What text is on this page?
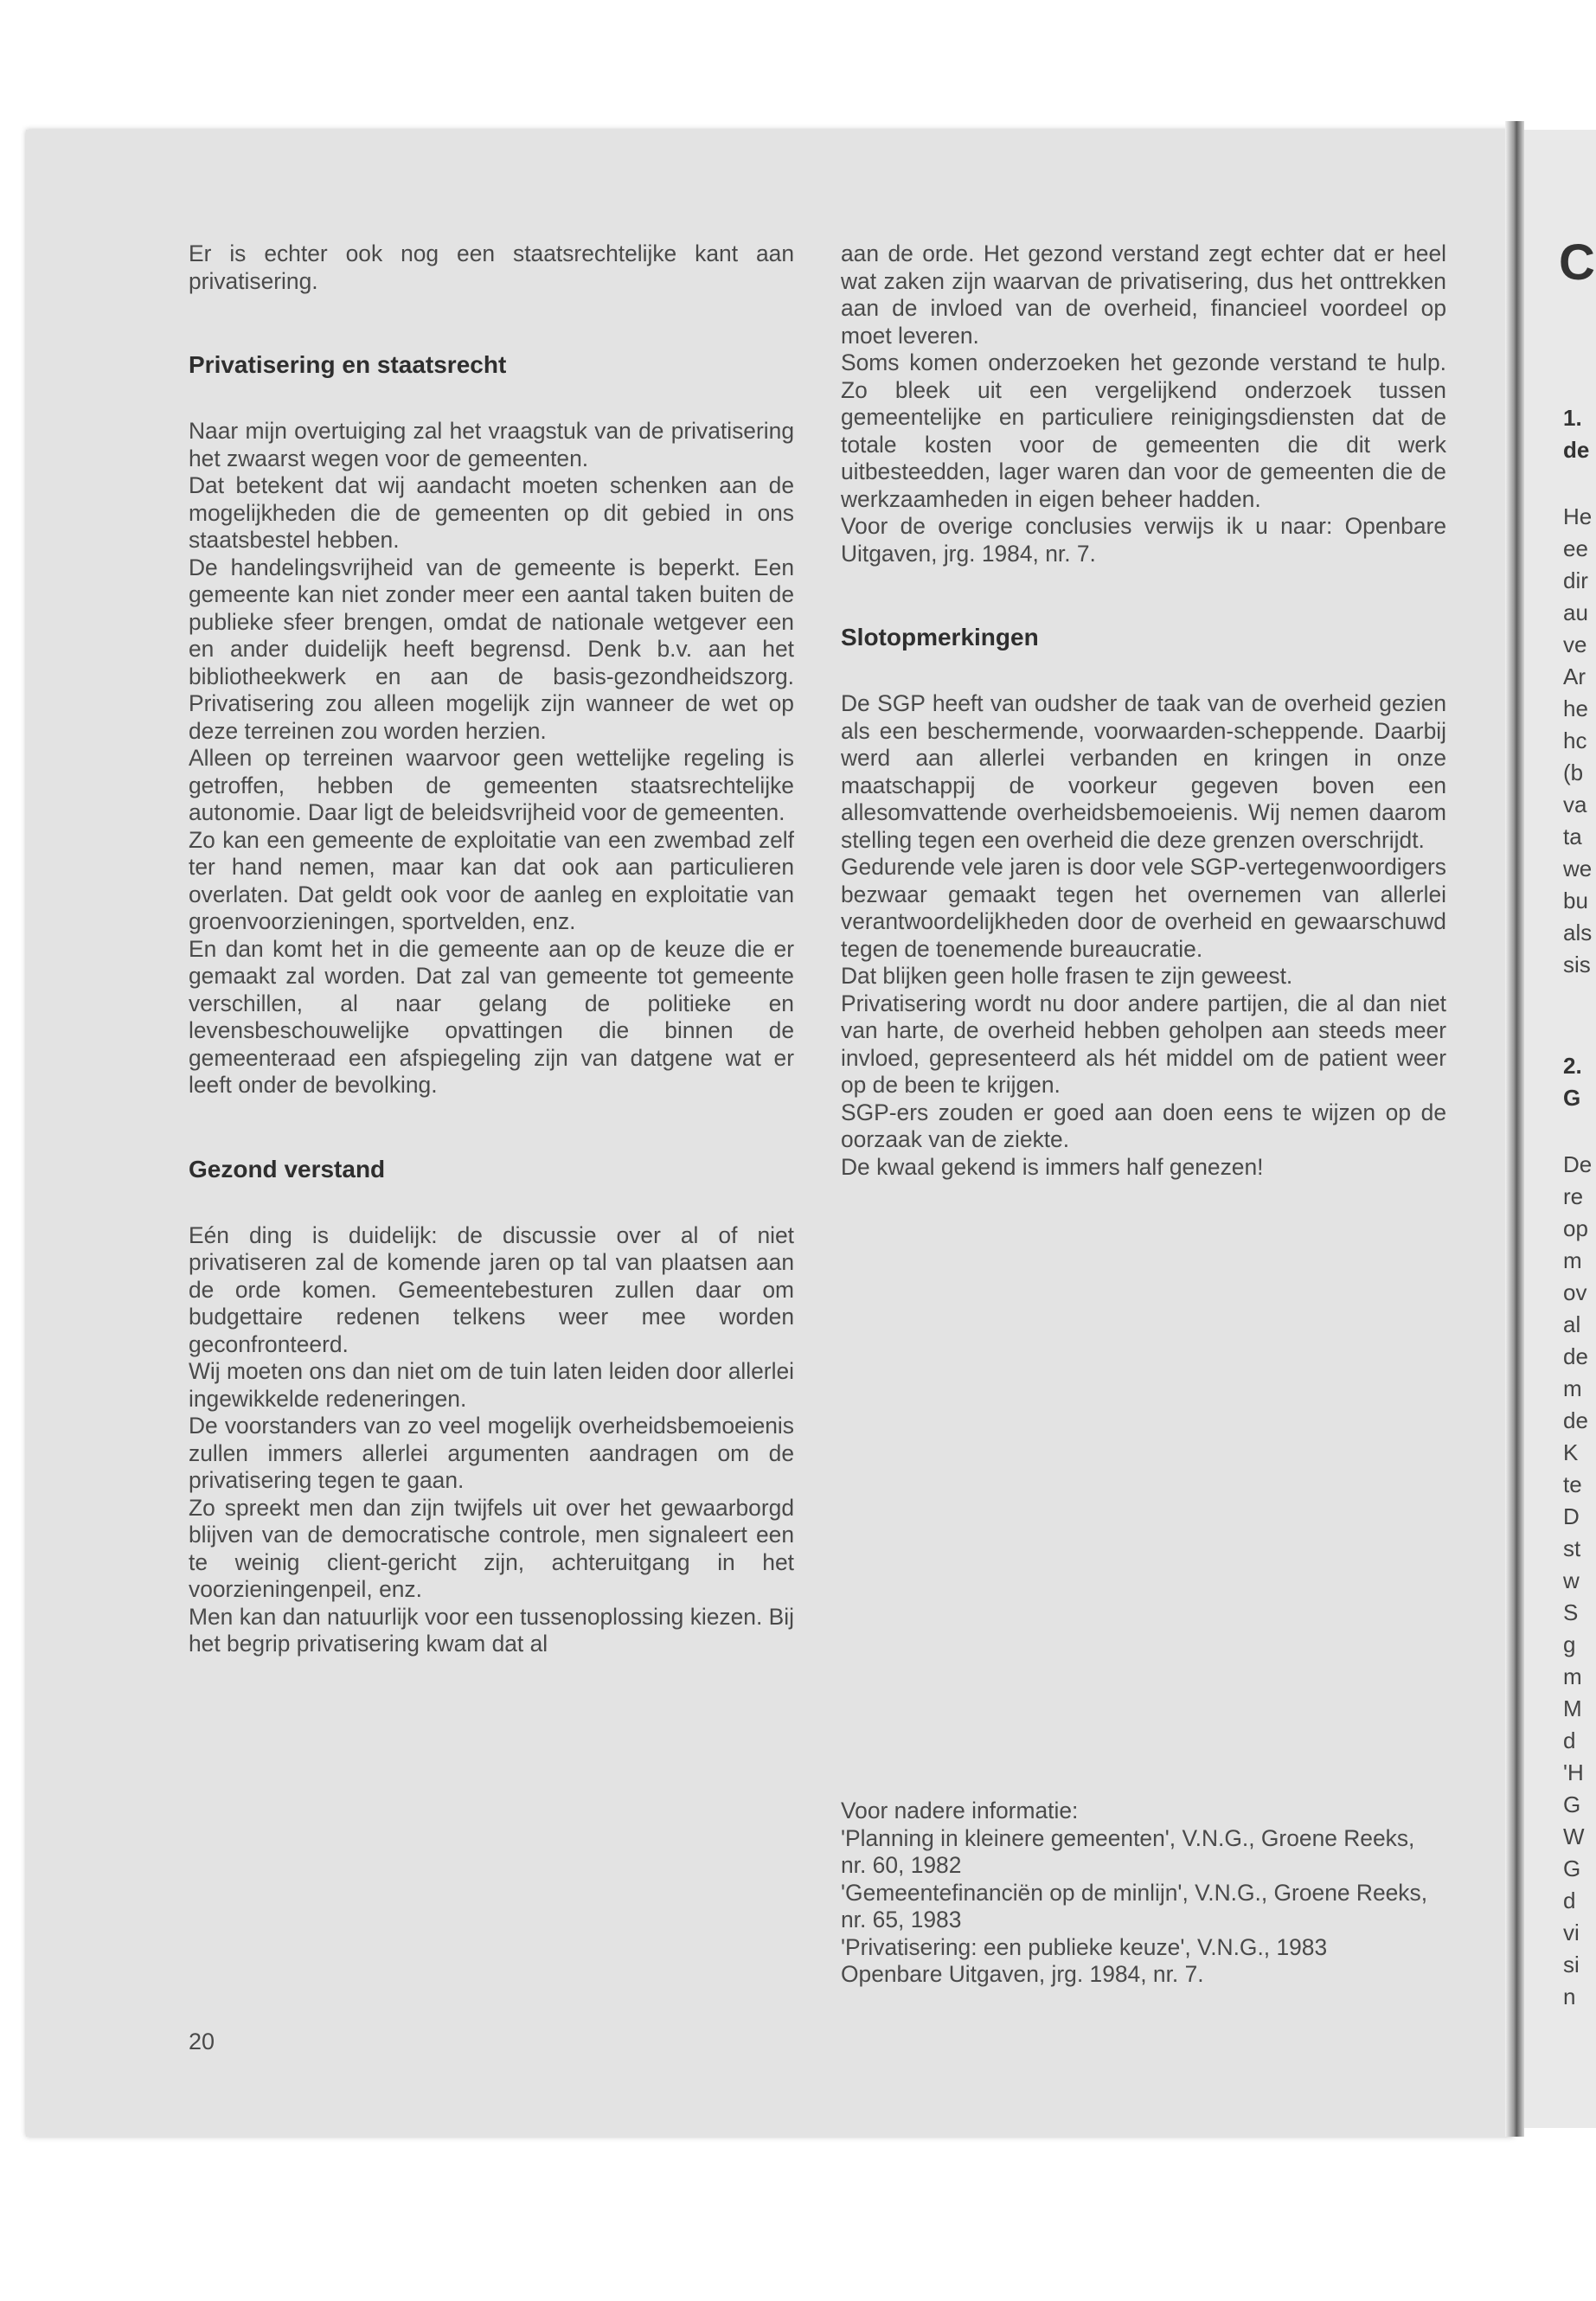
C
1.
de
He
ee
dir
au
ve
Ar
he
hc
(b
va
ta
we
bu
als
sis
2.
G
De
re
op
m
ov
al
de
m
de
K
te
D
st
w
S
g
m
M
d
'H
G
W
G
d
vi
si
n

Er is echter ook nog een staatsrechtelijke kant aan privatisering.

Privatisering en staatsrecht

Naar mijn overtuiging zal het vraagstuk van de privatisering het zwaarst wegen voor de gemeenten.

Dat betekent dat wij aandacht moeten schenken aan de mogelijkheden die de gemeenten op dit gebied in ons staatsbestel hebben.

De handelingsvrijheid van de gemeente is beperkt. Een gemeente kan niet zonder meer een aantal taken buiten de publieke sfeer brengen, omdat de nationale wetgever een en ander duidelijk heeft begrensd. Denk b.v. aan het bibliotheekwerk en aan de basis-gezondheidszorg. Privatisering zou alleen mogelijk zijn wanneer de wet op deze terreinen zou worden herzien.

Alleen op terreinen waarvoor geen wettelijke regeling is getroffen, hebben de gemeenten staatsrechtelijke autonomie. Daar ligt de beleidsvrijheid voor de gemeenten.

Zo kan een gemeente de exploitatie van een zwembad zelf ter hand nemen, maar kan dat ook aan particulieren overlaten. Dat geldt ook voor de aanleg en exploitatie van groenvoorzieningen, sportvelden, enz.

En dan komt het in die gemeente aan op de keuze die er gemaakt zal worden. Dat zal van gemeente tot gemeente verschillen, al naar gelang de politieke en levensbeschouwelijke opvattingen die binnen de gemeenteraad een afspiegeling zijn van datgene wat er leeft onder de bevolking.

Gezond verstand

Eén ding is duidelijk: de discussie over al of niet privatiseren zal de komende jaren op tal van plaatsen aan de orde komen. Gemeentebesturen zullen daar om budgettaire redenen telkens weer mee worden geconfronteerd.

Wij moeten ons dan niet om de tuin laten leiden door allerlei ingewikkelde redeneringen.

De voorstanders van zo veel mogelijk overheidsbemoeienis zullen immers allerlei argumenten aandragen om de privatisering tegen te gaan.

Zo spreekt men dan zijn twijfels uit over het gewaarborgd blijven van de democratische controle, men signaleert een te weinig client-gericht zijn, achteruitgang in het voorzieningenpeil, enz.

Men kan dan natuurlijk voor een tussenoplossing kiezen. Bij het begrip privatisering kwam dat al

aan de orde. Het gezond verstand zegt echter dat er heel wat zaken zijn waarvan de privatisering, dus het onttrekken aan de invloed van de overheid, financieel voordeel op moet leveren.

Soms komen onderzoeken het gezonde verstand te hulp. Zo bleek uit een vergelijkend onderzoek tussen gemeentelijke en particuliere reinigingsdiensten dat de totale kosten voor de gemeenten die dit werk uitbesteedden, lager waren dan voor de gemeenten die de werkzaamheden in eigen beheer hadden.

Voor de overige conclusies verwijs ik u naar: Openbare Uitgaven, jrg. 1984, nr. 7.

Slotopmerkingen

De SGP heeft van oudsher de taak van de overheid gezien als een beschermende, voorwaarden-scheppende. Daarbij werd aan allerlei verbanden en kringen in onze maatschappij de voorkeur gegeven boven een allesomvattende overheidsbemoeienis. Wij nemen daarom stelling tegen een overheid die deze grenzen overschrijdt.

Gedurende vele jaren is door vele SGP-vertegenwoordigers bezwaar gemaakt tegen het overnemen van allerlei verantwoordelijkheden door de overheid en gewaarschuwd tegen de toenemende bureaucratie.

Dat blijken geen holle frasen te zijn geweest.

Privatisering wordt nu door andere partijen, die al dan niet van harte, de overheid hebben geholpen aan steeds meer invloed, gepresenteerd als hét middel om de patient weer op de been te krijgen.

SGP-ers zouden er goed aan doen eens te wijzen op de oorzaak van de ziekte.

De kwaal gekend is immers half genezen!

Voor nadere informatie:

'Planning in kleinere gemeenten', V.N.G., Groene Reeks, nr. 60, 1982

'Gemeentefinanciën op de minlijn', V.N.G., Groene Reeks, nr. 65, 1983

'Privatisering: een publieke keuze', V.N.G., 1983

Openbare Uitgaven, jrg. 1984, nr. 7.

20
